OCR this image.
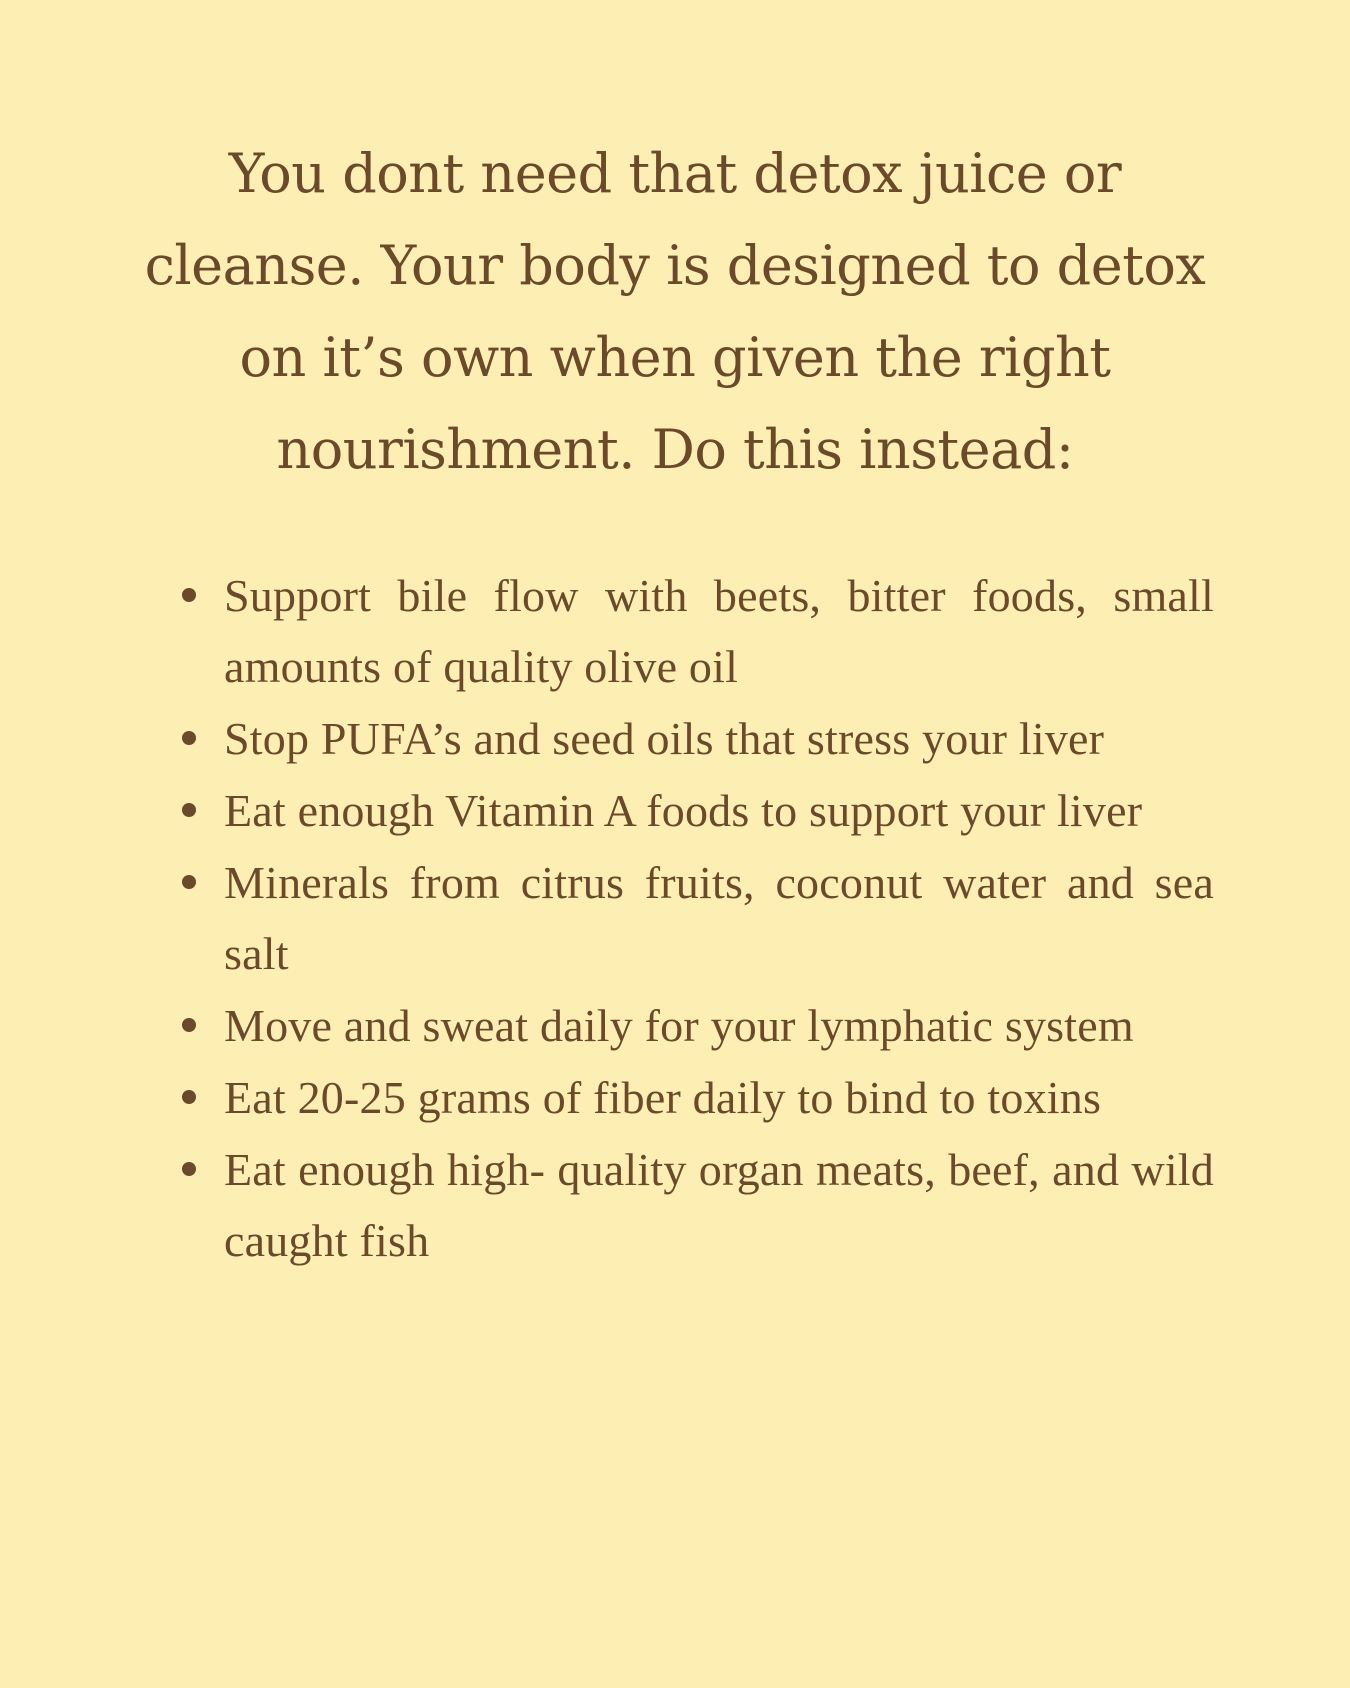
You dont need that detox juice or cleanse. Your body is designed to detox on it’s own when given the right nourishment. Do this instead:
Support bile flow with beets, bitter foods, small amounts of quality olive oil
Stop PUFA’s and seed oils that stress your liver
Eat enough Vitamin A foods to support your liver
Minerals from citrus fruits, coconut water and sea salt
Move and sweat daily for your lymphatic system
Eat 20-25 grams of fiber daily to bind to toxins
Eat enough high- quality organ meats, beef, and wild caught fish
